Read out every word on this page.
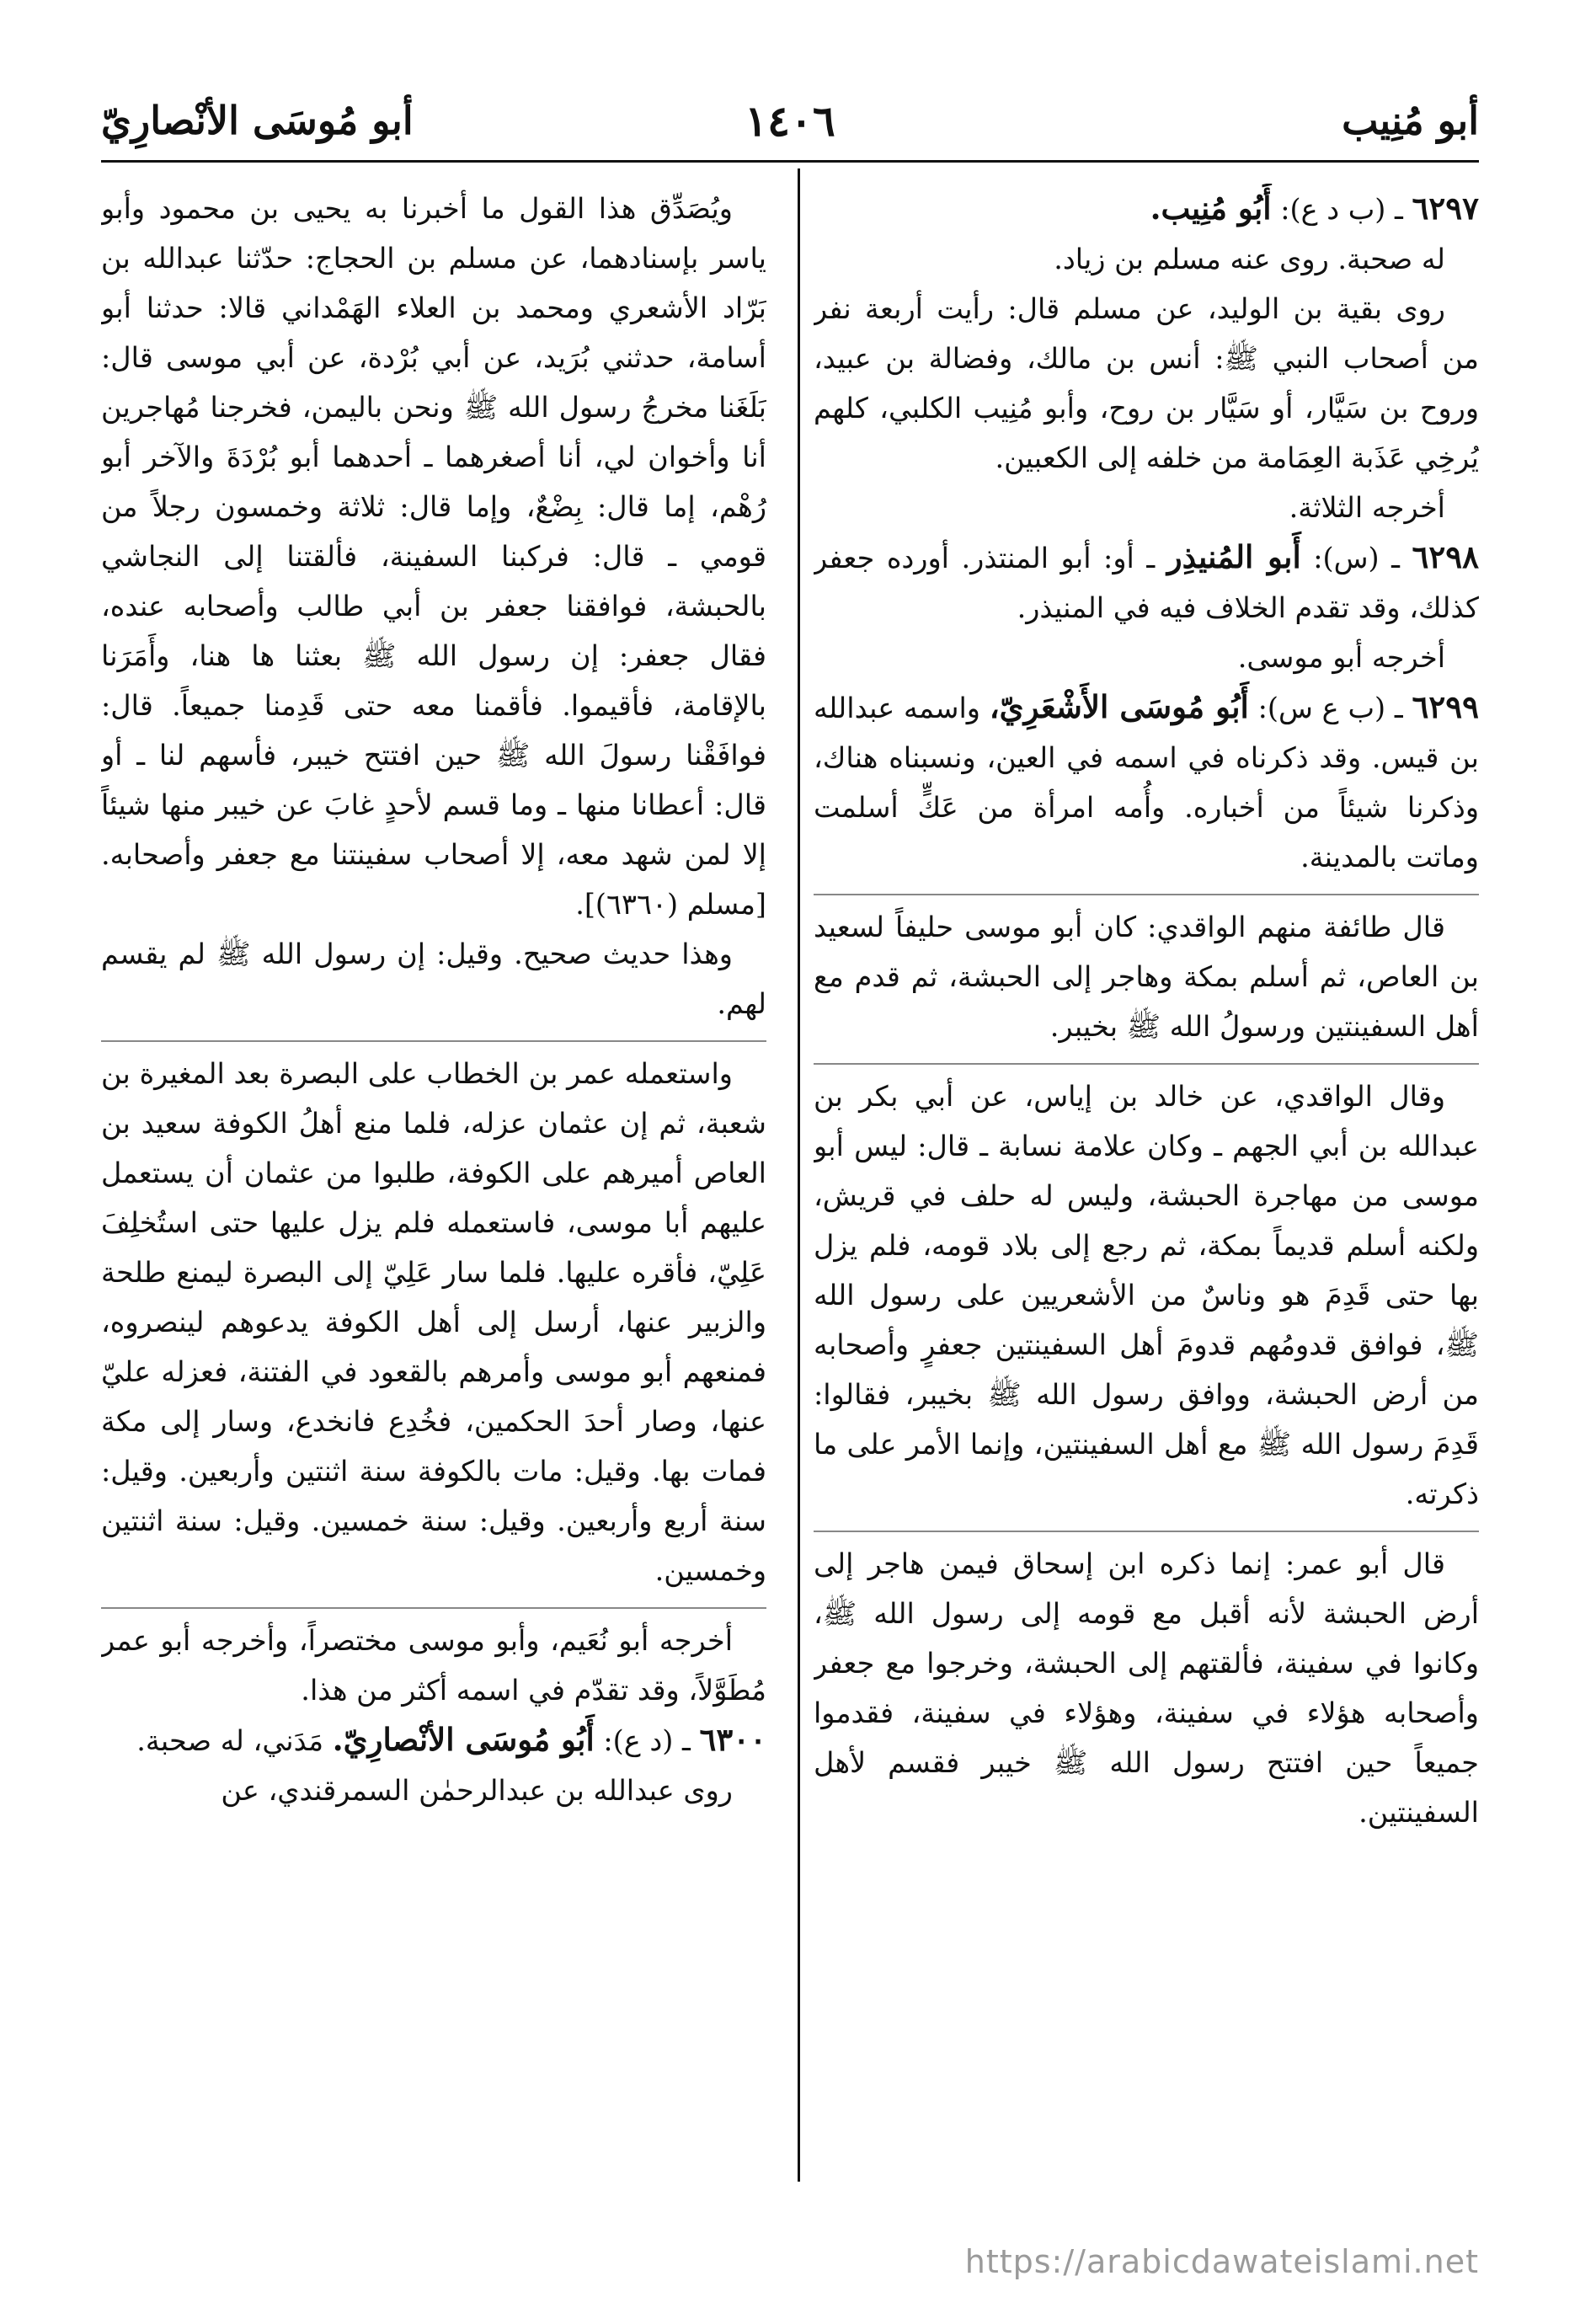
أبو مُنِيب
١٤٠٦
أبو مُوسَى الأنْصارِيّ

٦٢٩٧ ـ (ب د ع): أَبُو مُنِيب.

له صحبة. روى عنه مسلم بن زياد.

روى بقية بن الوليد، عن مسلم قال: رأيت أربعة نفر من أصحاب النبي ﷺ: أنس بن مالك، وفضالة بن عبيد، وروح بن سَيَّار، أو سَيَّار بن روح، وأبو مُنِيب الكلبي، كلهم يُرخِي عَذَبة العِمَامة من خلفه إلى الكعبين.

أخرجه الثلاثة.

٦٢٩٨ ـ (س): أَبو المُنيذِر ـ أو: أبو المنتذر. أورده جعفر كذلك، وقد تقدم الخلاف فيه في المنيذر.

أخرجه أبو موسى.

٦٢٩٩ ـ (ب ع س): أَبُو مُوسَى الأَشْعَرِيّ، واسمه عبدالله بن قيس. وقد ذكرناه في اسمه في العين، ونسبناه هناك، وذكرنا شيئاً من أخباره. وأُمه امرأة من عَكٍّ أسلمت وماتت بالمدينة.

قال طائفة منهم الواقدي: كان أبو موسى حليفاً لسعيد بن العاص، ثم أسلم بمكة وهاجر إلى الحبشة، ثم قدم مع أهل السفينتين ورسولُ الله ﷺ بخيبر.

وقال الواقدي، عن خالد بن إياس، عن أبي بكر بن عبدالله بن أبي الجهم ـ وكان علامة نسابة ـ قال: ليس أبو موسى من مهاجرة الحبشة، وليس له حلف في قريش، ولكنه أسلم قديماً بمكة، ثم رجع إلى بلاد قومه، فلم يزل بها حتى قَدِمَ هو وناسٌ من الأشعريين على رسول الله ﷺ، فوافق قدومُهم قدومَ أهل السفينتين جعفرٍ وأصحابه من أرض الحبشة، ووافق رسول الله ﷺ بخيبر، فقالوا: قَدِمَ رسول الله ﷺ مع أهل السفينتين، وإنما الأمر على ما ذكرته.

قال أبو عمر: إنما ذكره ابن إسحاق فيمن هاجر إلى أرض الحبشة لأنه أقبل مع قومه إلى رسول الله ﷺ، وكانوا في سفينة، فألقتهم إلى الحبشة، وخرجوا مع جعفر وأصحابه هؤلاء في سفينة، وهؤلاء في سفينة، فقدموا جميعاً حين افتتح رسول الله ﷺ خيبر فقسم لأهل السفينتين.

ويُصَدِّق هذا القول ما أخبرنا به يحيى بن محمود وأبو ياسر بإسنادهما، عن مسلم بن الحجاج: حدّثنا عبدالله بن بَرّاد الأشعري ومحمد بن العلاء الهَمْداني قالا: حدثنا أبو أسامة، حدثني بُرَيد، عن أبي بُرْدة، عن أبي موسى قال: بَلَغَنا مخرجُ رسول الله ﷺ ونحن باليمن، فخرجنا مُهاجرين أنا وأخوان لي، أنا أصغرهما ـ أحدهما أبو بُرْدَةَ والآخر أبو رُهْم، إما قال: بِضْعٌ، وإما قال: ثلاثة وخمسون رجلاً من قومي ـ قال: فركبنا السفينة، فألقتنا إلى النجاشي بالحبشة، فوافقنا جعفر بن أبي طالب وأصحابه عنده، فقال جعفر: إن رسول الله ﷺ بعثنا ها هنا، وأَمَرَنا بالإقامة، فأقيموا. فأقمنا معه حتى قَدِمنا جميعاً. قال: فوافَقْنا رسولَ الله ﷺ حين افتتح خيبر، فأسهم لنا ـ أو قال: أعطانا منها ـ وما قسم لأحدٍ غابَ عن خيبر منها شيئاً إلا لمن شهد معه، إلا أصحاب سفينتنا مع جعفر وأصحابه. [مسلم (٦٣٦٠)].

وهذا حديث صحيح. وقيل: إن رسول الله ﷺ لم يقسم لهم.

واستعمله عمر بن الخطاب على البصرة بعد المغيرة بن شعبة، ثم إن عثمان عزله، فلما منع أهلُ الكوفة سعيد بن العاص أميرهم على الكوفة، طلبوا من عثمان أن يستعمل عليهم أبا موسى، فاستعمله فلم يزل عليها حتى استُخلِفَ عَلِيّ، فأقره عليها. فلما سار عَلِيّ إلى البصرة ليمنع طلحة والزبير عنها، أرسل إلى أهل الكوفة يدعوهم لينصروه، فمنعهم أبو موسى وأمرهم بالقعود في الفتنة، فعزله عليّ عنها، وصار أحدَ الحكمين، فخُدِع فانخدع، وسار إلى مكة فمات بها. وقيل: مات بالكوفة سنة اثنتين وأربعين. وقيل: سنة أربع وأربعين. وقيل: سنة خمسين. وقيل: سنة اثنتين وخمسين.

أخرجه أبو نُعَيم، وأبو موسى مختصراً، وأخرجه أبو عمر مُطَوَّلاً، وقد تقدّم في اسمه أكثر من هذا.

٦٣٠٠ ـ (د ع): أَبُو مُوسَى الأنْصارِيّ. مَدَني، له صحبة.

روى عبدالله بن عبدالرحمٰن السمرقندي، عن

https://arabicdawateislami.net
